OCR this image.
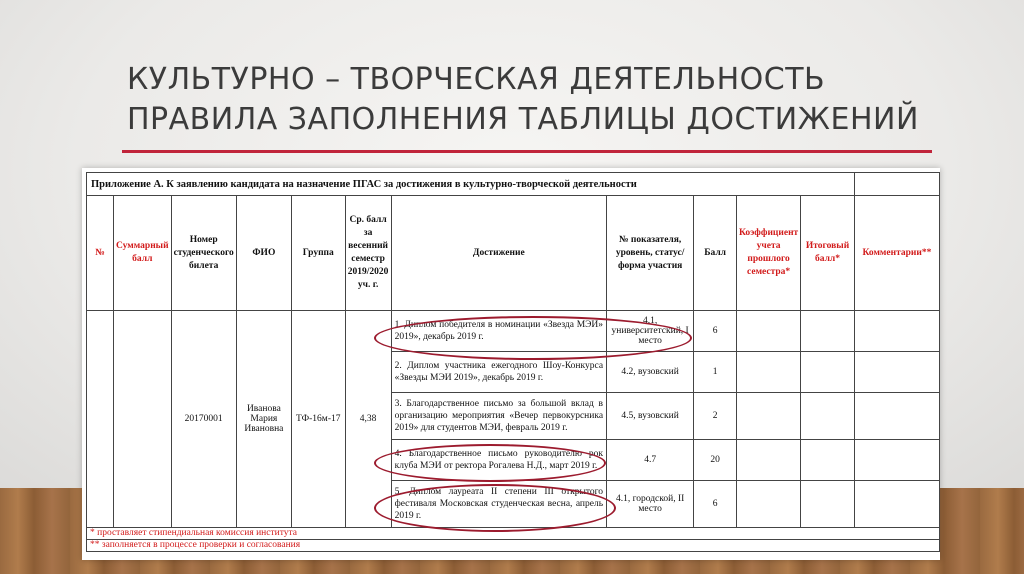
КУЛЬТУРНО – ТВОРЧЕСКАЯ ДЕЯТЕЛЬНОСТЬ
ПРАВИЛА ЗАПОЛНЕНИЯ ТАБЛИЦЫ ДОСТИЖЕНИЙ
Приложение А. К заявлению кандидата на назначение ПГАС за достижения в культурно-творческой деятельности											
№	Суммарный балл	Номер студенческого билета	ФИО	Группа	Ср. балл за весенний семестр 2019/2020 уч. г.	Достижение	№ показателя, уровень, статус/ форма участия	Балл	Коэффициент учета прошлого семестра*	Итоговый балл*	Комментарии**
		20170001	Иванова Мария Ивановна	ТФ-16м-17	4,38	1. Диплом победителя в номинации «Звезда МЭИ» 2019», декабрь 2019 г.	4.1, университетский, I место	6			
						2. Диплом участника ежегодного Шоу-Конкурса «Звезды МЭИ 2019», декабрь 2019 г.	4.2, вузовский	1			
						3. Благодарственное письмо за большой вклад в организацию мероприятия «Вечер первокурсника 2019» для студентов МЭИ, февраль 2019 г.	4.5, вузовский	2			
						4. Благодарственное письмо руководителю рок клуба МЭИ от ректора Рогалева Н.Д., март 2019 г.	4.7	20			
						5. Диплом лауреата II степени III открытого фестиваля Московская студенческая весна, апрель 2019 г.	4.1, городской, II место	6			
* проставляет стипендиальная комиссия института											
** заполняется в процессе проверки и согласования											
